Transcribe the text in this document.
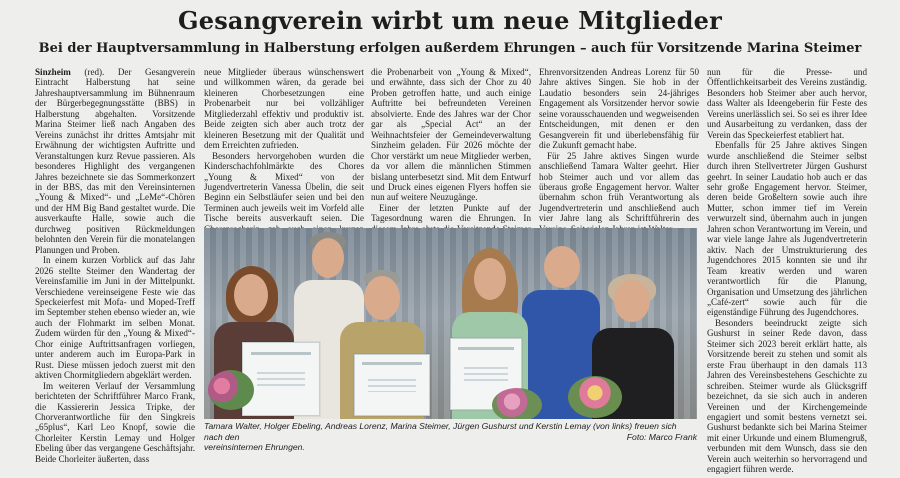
Gesangverein wirbt um neue Mitglieder
Bei der Hauptversammlung in Halberstung erfolgen außerdem Ehrungen – auch für Vorsitzende Marina Steimer

Sinzheim (red). Der Gesangverein Eintracht Halberstung hat seine Jahreshauptversammlung im Bühnenraum der Bürgerbegegnungsstätte (BBS) in Halberstung abgehalten. Vorsitzende Marina Steimer ließ nach Angaben des Vereins zunächst ihr drittes Amtsjahr mit Erwähnung der wichtigsten Auftritte und Veranstaltungen kurz Revue passieren. Als besonderes Highlight des vergangenen Jahres bezeichnete sie das Sommerkonzert in der BBS, das mit den Vereinsinternen „Young & Mixed“- und „LeMe“-Chören und der HM Big Band gestaltet wurde. Die ausverkaufte Halle, sowie auch die durchweg positiven Rückmeldungen belohnten den Verein für die monatelangen Planungen und Proben.

In einem kurzen Vorblick auf das Jahr 2026 stellte Steimer den Wandertag der Vereinsfamilie im Juni in der Mittelpunkt. Verschiedene vereinseigene Feste wie das Speckeierfest mit Mofa- und Moped-Treff im September stehen ebenso wieder an, wie auch der Flohmarkt im selben Monat. Zudem würden für den „Young & Mixed“-Chor einige Auftrittsanfragen vorliegen, unter anderem auch im Europa-Park in Rust. Diese müssen jedoch zuerst mit den aktiven Chormitgliedern abgeklärt werden.

Im weiteren Verlauf der Versammlung berichteten der Schriftführer Marco Frank, die Kassiererin Jessica Tripke, der Chorverantwortliche für den Singkreis „65plus“, Karl Leo Knopf, sowie die Chorleiter Kerstin Lemay und Holger Ebeling über das vergangene Geschäftsjahr. Beide Chorleiter äußerten, dass

neue Mitglieder überaus wünschenswert und willkommen wären, da gerade bei kleineren Chorbesetzungen eine Probenarbeit nur bei vollzähliger Mitgliederzahl effektiv und produktiv ist. Beide zeigten sich aber auch trotz der kleineren Besetzung mit der Qualität und dem Erreichten zufrieden.

Besonders hervorgehoben wurden die Kinderschachfohlmärkte des Chores „Young & Mixed“ von der Jugendvertreterin Vanessa Übelin, die seit Beginn ein Selbstläufer seien und bei den Terminen auch jeweils weit im Vorfeld alle Tische bereits ausverkauft seien. Die

die Probenarbeit von „Young & Mixed“, und erwähnte, dass sich der Chor zu 40 Proben getroffen hatte, und auch einige Auftritte bei befreundeten Vereinen absolvierte. Ende des Jahres war der Chor gar als „Special Act“ an der Weihnachtsfeier der Gemeindeverwaltung Sinzheim geladen. Für 2026 möchte der Chor verstärkt um neue Mitglieder werben, da vor allem die männlichen Stimmen bislang unterbesetzt sind. Mit dem Entwurf und Druck eines eigenen Flyers hoffen sie nun auf weitere Neuzugänge.

Einer der letzten Punkte auf der Tagesordnung waren die Ehrungen. In

Ehrenvorsitzenden Andreas Lorenz für 50 Jahre aktives Singen. Sie hob in der Laudatio besonders sein 24-jähriges Engagement als Vorsitzender hervor sowie seine vorausschauenden und wegweisenden Entscheidungen, mit denen er den Gesangverein fit und überlebensfähig für die Zukunft gemacht habe.

Für 25 Jahre aktives Singen wurde anschließend Tamara Walter geehrt. Hier hob Steimer auch und vor allem das überaus große Engagement hervor. Walter übernahm schon früh Verantwortung als Jugendvertreterin und anschließend auch vier Jahre lang als Schriftführerin des

nun für die Presse- und Öffentlichkeitsarbeit des Vereins zuständig. Besonders hob Steimer aber auch hervor, dass Walter als Ideengeberin für Feste des Vereins unerlässlich sei. So sei es ihrer Idee und Ausarbeitung zu verdanken, dass der Verein das Speckeierfest etabliert hat.

Ebenfalls für 25 Jahre aktives Singen wurde anschließend die Steimer selbst durch ihren Stellvertreter Jürgen Gushurst geehrt. In seiner Laudatio hob auch er das sehr große Engagement hervor. Steimer, deren beide Großeltern sowie auch ihre Mutter, schon immer tief im Verein verwurzelt sind, übernahm auch in jungen Jahren schon Verantwortung im Verein, und war viele lange Jahre als Jugendvertreterin aktiv. Nach der Umstrukturierung des Jugendchores 2015 konnten sie und ihr Team kreativ werden und waren verantwortlich für die Planung, Organisation und Umsetzung des jährlichen „Café-zert“ sowie auch für die eigenständige Führung des Jugendchores.

Besonders beeindruckt zeigte sich Gushurst in seiner Rede davon, dass Steimer sich 2023 bereit erklärt hatte, als Vorsitzende bereit zu stehen und somit als erste Frau überhaupt in den damals 113 Jahren des Vereinsbestehens Geschichte zu schreiben. Steimer wurde als Glücksgriff bezeichnet, da sie sich auch in anderen Vereinen und der Kirchengemeinde engagiert und somit bestens vernetzt sei. Gushurst bedankte sich bei Marina Steimer mit einer Urkunde und einem Blumengruß, verbunden mit dem Wunsch, dass sie den Verein auch weiterhin so hervorragend und engagiert führen werde.

Tamara Walter, Holger Ebeling, Andreas Lorenz, Marina Steimer, Jürgen Gushurst und Kerstin Lemay (von links) freuen sich nach den
vereinsinternen Ehrungen.
Foto: Marco Frank
